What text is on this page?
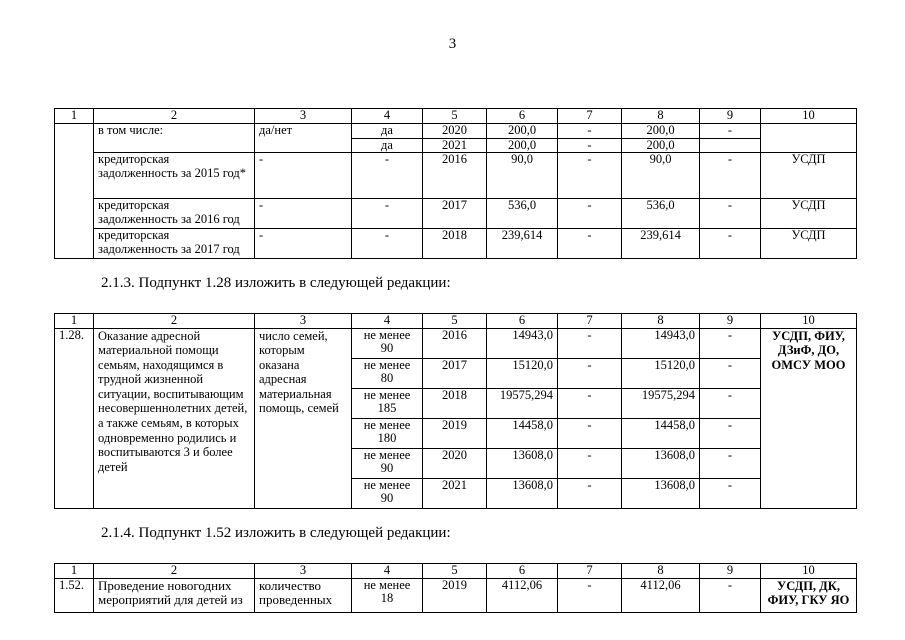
3
1	2	3	4	5	6	7	8	9	10
	в том числе:	да/нет	да	2020	200,0	-	200,0	-	
			да	2021	200,0	-	200,0		
	кредиторская задолженность за 2015 год*	-	-	2016	90,0	-	90,0	-	УСДП
	кредиторская задолженность за 2016 год	-	-	2017	536,0	-	536,0	-	УСДП
	кредиторская задолженность за 2017 год	-	-	2018	239,614	-	239,614	-	УСДП
2.1.3. Подпункт 1.28 изложить в следующей редакции:
1	2	3	4	5	6	7	8	9	10
1.28.	Оказание адресной материальной помощи семьям, находящимся в трудной жизненной ситуации, воспитывающим несовершеннолетних детей, а также семьям, в которых одновременно родились и воспитываются 3 и более детей	число семей, которым оказана адресная материальная помощь, семей	не менее 90	2016	14943,0	-	14943,0	-	УСДП, ФИУ, ДЗиФ, ДО, ОМСУ МОО
			не менее 80	2017	15120,0	-	15120,0	-	
			не менее 185	2018	19575,294	-	19575,294	-	
			не менее 180	2019	14458,0	-	14458,0	-	
			не менее 90	2020	13608,0	-	13608,0	-	
			не менее 90	2021	13608,0	-	13608,0	-	
2.1.4. Подпункт 1.52 изложить в следующей редакции:
1	2	3	4	5	6	7	8	9	10
1.52.	Проведение новогодних мероприятий для детей из	количество проведенных	не менее 18	2019	4112,06	-	4112,06	-	УСДП, ДК, ФИУ, ГКУ ЯО
